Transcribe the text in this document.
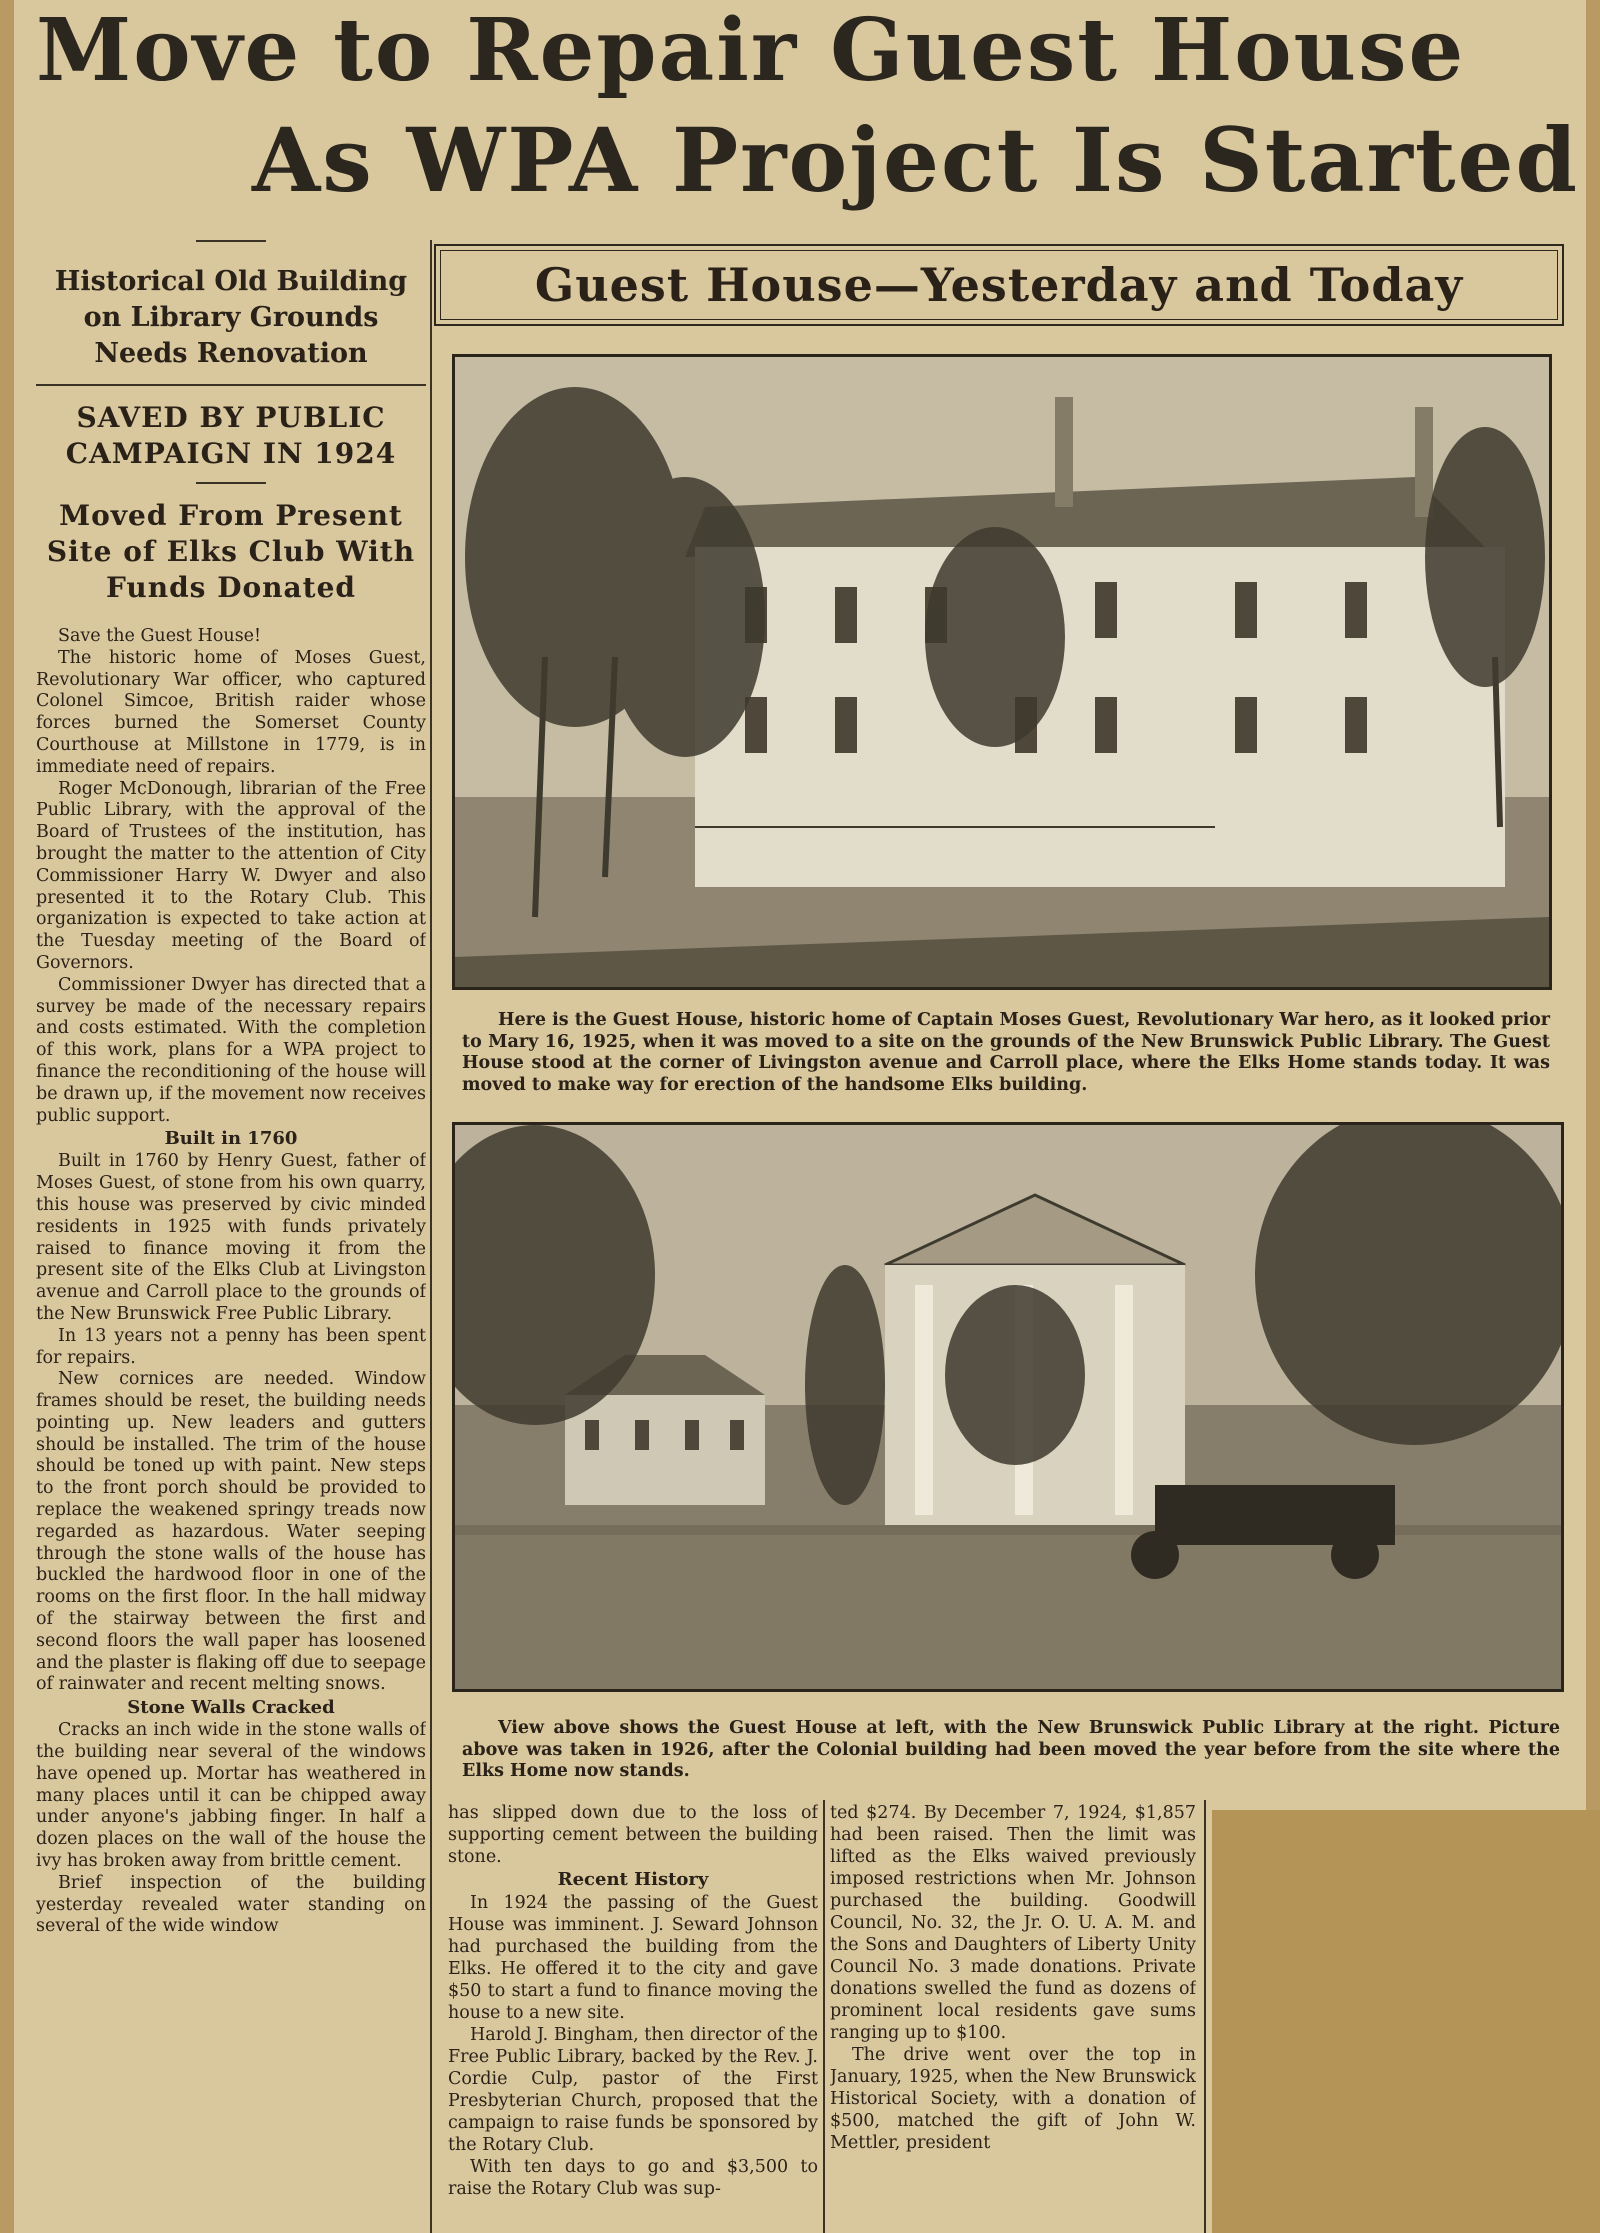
Move to Repair Guest House
As WPA Project Is Started
Historical Old Building on Library Grounds Needs Renovation
SAVED BY PUBLIC CAMPAIGN IN 1924
Moved From Present Site of Elks Club With Funds Donated

Save the Guest House!

The historic home of Moses Guest, Revolutionary War officer, who captured Colonel Simcoe, British raider whose forces burned the Somerset County Courthouse at Millstone in 1779, is in immediate need of repairs.

Roger McDonough, librarian of the Free Public Library, with the approval of the Board of Trustees of the institution, has brought the matter to the attention of City Commissioner Harry W. Dwyer and also presented it to the Rotary Club. This organization is expected to take action at the Tuesday meeting of the Board of Governors.

Commissioner Dwyer has directed that a survey be made of the necessary repairs and costs estimated. With the completion of this work, plans for a WPA project to finance the reconditioning of the house will be drawn up, if the movement now receives public support.

Built in 1760

Built in 1760 by Henry Guest, father of Moses Guest, of stone from his own quarry, this house was preserved by civic minded residents in 1925 with funds privately raised to finance moving it from the present site of the Elks Club at Livingston avenue and Carroll place to the grounds of the New Brunswick Free Public Library.

In 13 years not a penny has been spent for repairs.

New cornices are needed. Window frames should be reset, the building needs pointing up. New leaders and gutters should be installed. The trim of the house should be toned up with paint. New steps to the front porch should be provided to replace the weakened springy treads now regarded as hazardous. Water seeping through the stone walls of the house has buckled the hardwood floor in one of the rooms on the first floor. In the hall midway of the stairway between the first and second floors the wall paper has loosened and the plaster is flaking off due to seepage of rainwater and recent melting snows.

Stone Walls Cracked

Cracks an inch wide in the stone walls of the building near several of the windows have opened up. Mortar has weathered in many places until it can be chipped away under anyone's jabbing finger. In half a dozen places on the wall of the house the ivy has broken away from brittle cement.

Brief inspection of the building yesterday revealed water standing on several of the wide window

Guest House—Yesterday and Today

Here is the Guest House, historic home of Captain Moses Guest, Revolutionary War hero, as it looked prior to Mary 16, 1925, when it was moved to a site on the grounds of the New Brunswick Public Library. The Guest House stood at the corner of Livingston avenue and Carroll place, where the Elks Home stands today. It was moved to make way for erection of the handsome Elks building.

View above shows the Guest House at left, with the New Brunswick Public Library at the right. Picture above was taken in 1926, after the Colonial building had been moved the year before from the site where the Elks Home now stands.

has slipped down due to the loss of supporting cement between the building stone.

Recent History

In 1924 the passing of the Guest House was imminent. J. Seward Johnson had purchased the building from the Elks. He offered it to the city and gave $50 to start a fund to finance moving the house to a new site.

Harold J. Bingham, then director of the Free Public Library, backed by the Rev. J. Cordie Culp, pastor of the First Presbyterian Church, proposed that the campaign to raise funds be sponsored by the Rotary Club.

With ten days to go and $3,500 to raise the Rotary Club was sup-

ted $274. By December 7, 1924, $1,857 had been raised. Then the limit was lifted as the Elks waived previously imposed restrictions when Mr. Johnson purchased the building. Goodwill Council, No. 32, the Jr. O. U. A. M. and the Sons and Daughters of Liberty Unity Council No. 3 made donations. Private donations swelled the fund as dozens of prominent local residents gave sums ranging up to $100.

The drive went over the top in January, 1925, when the New Brunswick Historical Society, with a donation of $500, matched the gift of John W. Mettler, president
